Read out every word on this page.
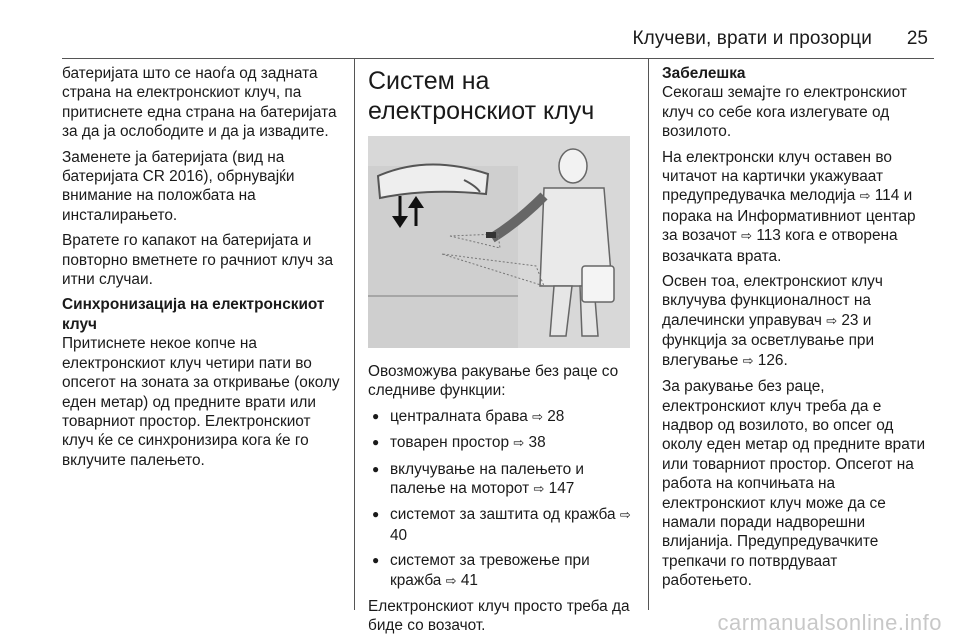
Клучеви, врати и прозорци 25

батеријата што се наоѓа од задната страна на електронскиот клуч, па притиснете една страна на батеријата за да ја ослободите и да ја извадите.

Заменете ја батеријата (вид на батеријата CR 2016), обрнувајќи внимание на положбата на инсталирањето.

Вратете го капакот на батеријата и повторно вметнете го рачниот клуч за итни случаи.

Синхронизација на електронскиот клуч

Притиснете некое копче на електронскиот клуч четири пати во опсегот на зоната за откривање (околу еден метар) од предните врати или товарниот простор. Електронскиот клуч ќе се синхронизира кога ќе го вклучите палењето.

Систем на електронскиот клуч

Овозможува ракување без раце со следниве функции:

● централната брава ⇨ 28
● товарен простор ⇨ 38
● вклучување на палењето и палење на моторот ⇨ 147
● системот за заштита од кражба ⇨ 40
● системот за тревожење при кражба ⇨ 41

Електронскиот клуч просто треба да биде со возачот.

Забелешка

Секогаш земајте го електронскиот клуч со себе кога излегувате од возилото.

На електронски клуч оставен во читачот на картички укажуваат предупредувачка мелодија ⇨ 114 и порака на Информативниот центар за возачот ⇨ 113 кога е отворена возачката врата.

Освен тоа, електронскиот клуч вклучува функционалност на далечински управувач ⇨ 23 и функција за осветлување при влегување ⇨ 126.

За ракување без раце, електронскиот клуч треба да е надвор од возилото, во опсег од околу еден метар од предните врати или товарниот простор. Опсегот на работа на копчињата на електронскиот клуч може да се намали поради надворешни влијанија. Предупредувачките трепкачи го потврдуваат работењето.

carmanualsonline.info
